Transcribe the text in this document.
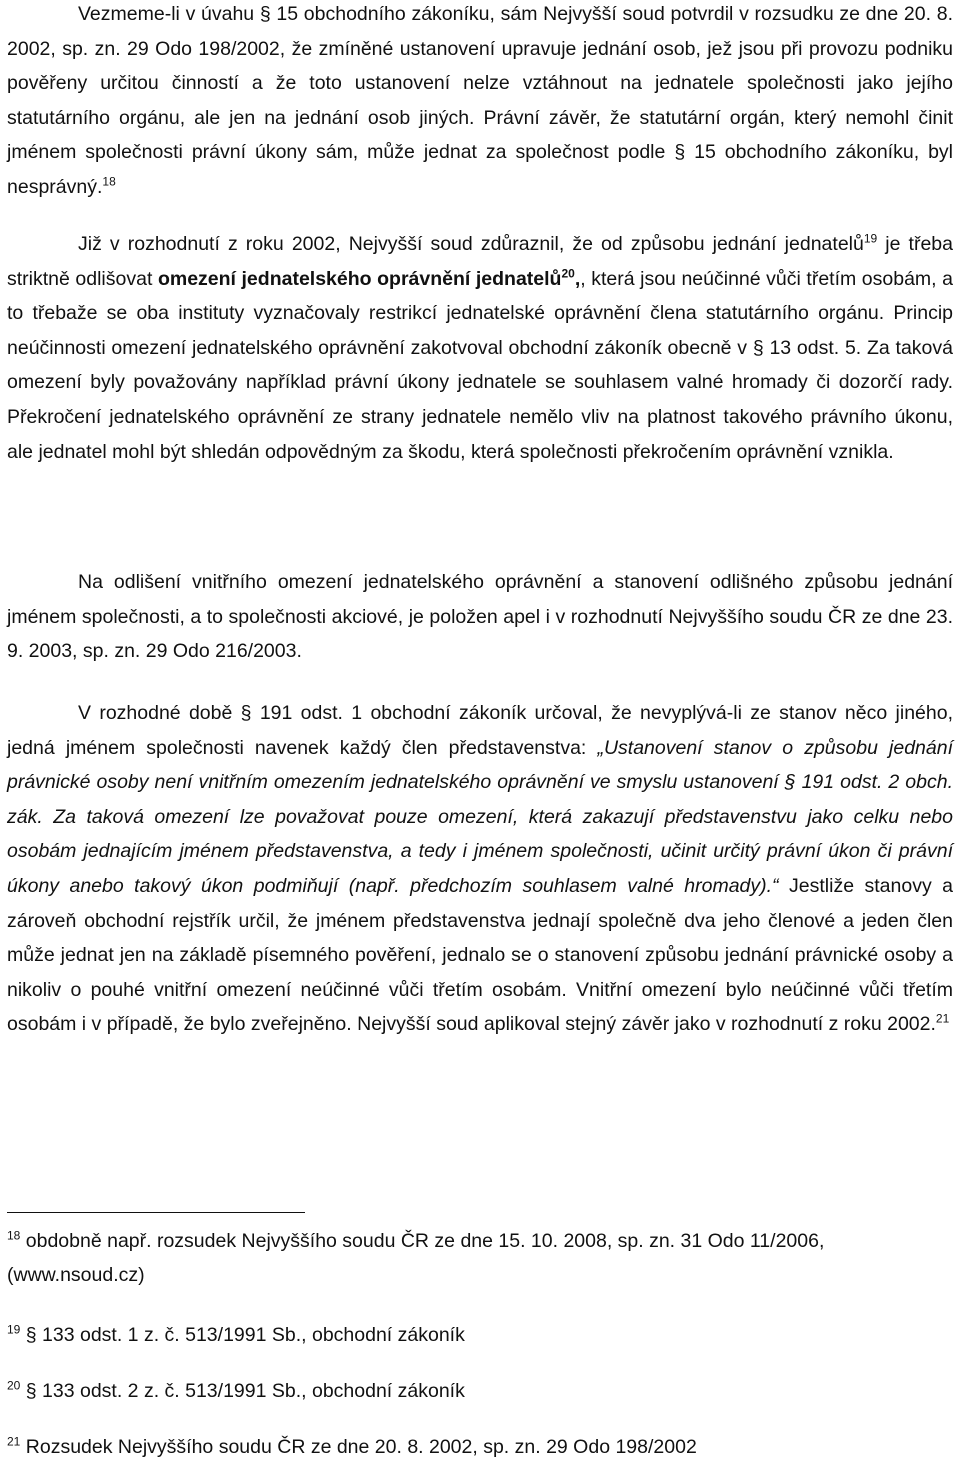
Vezmeme-li v úvahu § 15 obchodního zákoníku, sám Nejvyšší soud potvrdil v rozsudku ze dne 20. 8. 2002, sp. zn. 29 Odo 198/2002, že zmíněné ustanovení upravuje jednání osob, jež jsou při provozu podniku pověřeny určitou činností a že toto ustanovení nelze vztáhnout na jednatele společnosti jako jejího statutárního orgánu, ale jen na jednání osob jiných. Právní závěr, že statutární orgán, který nemohl činit jménem společnosti právní úkony sám, může jednat za společnost podle § 15 obchodního zákoníku, byl nesprávný.$^{18}$

Již v rozhodnutí z roku 2002, Nejvyšší soud zdůraznil, že od způsobu jednání jednatelů$^{19}$ je třeba striktně odlišovat omezení jednatelského oprávnění jednatelů$^{20}$,, která jsou neúčinné vůči třetím osobám, a to třebaže se oba instituty vyznačovaly restrikcí jednatelské oprávnění člena statutárního orgánu. Princip neúčinnosti omezení jednatelského oprávnění zakotvoval obchodní zákoník obecně v § 13 odst. 5. Za taková omezení byly považovány například právní úkony jednatele se souhlasem valné hromady či dozorčí rady. Překročení jednatelského oprávnění ze strany jednatele nemělo vliv na platnost takového právního úkonu, ale jednatel mohl být shledán odpovědným za škodu, která společnosti překročením oprávnění vznikla.

Na odlišení vnitřního omezení jednatelského oprávnění a stanovení odlišného způsobu jednání jménem společnosti, a to společnosti akciové, je položen apel i v rozhodnutí Nejvyššího soudu ČR ze dne 23. 9. 2003, sp. zn. 29 Odo 216/2003.

V rozhodné době § 191 odst. 1 obchodní zákoník určoval, že nevyplývá-li ze stanov něco jiného, jedná jménem společnosti navenek každý člen představenstva: „Ustanovení stanov o způsobu jednání právnické osoby není vnitřním omezením jednatelského oprávnění ve smyslu ustanovení § 191 odst. 2 obch. zák. Za taková omezení lze považovat pouze omezení, která zakazují představenstvu jako celku nebo osobám jednajícím jménem představenstva, a tedy i jménem společnosti, učinit určitý právní úkon či právní úkony anebo takový úkon podmiňují (např. předchozím souhlasem valné hromady).“ Jestliže stanovy a zároveň obchodní rejstřík určil, že jménem představenstva jednají společně dva jeho členové a jeden člen může jednat jen na základě písemného pověření, jednalo se o stanovení způsobu jednání právnické osoby a nikoliv o pouhé vnitřní omezení neúčinné vůči třetím osobám. Vnitřní omezení bylo neúčinné vůči třetím osobám i v případě, že bylo zveřejněno. Nejvyšší soud aplikoval stejný závěr jako v rozhodnutí z roku 2002.21

$^{18}$ obdobně např. rozsudek Nejvyššího soudu ČR ze dne 15. 10. 2008, sp. zn. 31 Odo 11/2006, (www.nsoud.cz)

$^{19}$ § 133 odst. 1 z. č. 513/1991 Sb., obchodní zákoník

$^{20}$ § 133 odst. 2 z. č. 513/1991 Sb., obchodní zákoník

$^{21}$ Rozsudek Nejvyššího soudu ČR ze dne 20. 8. 2002, sp. zn. 29 Odo 198/2002
